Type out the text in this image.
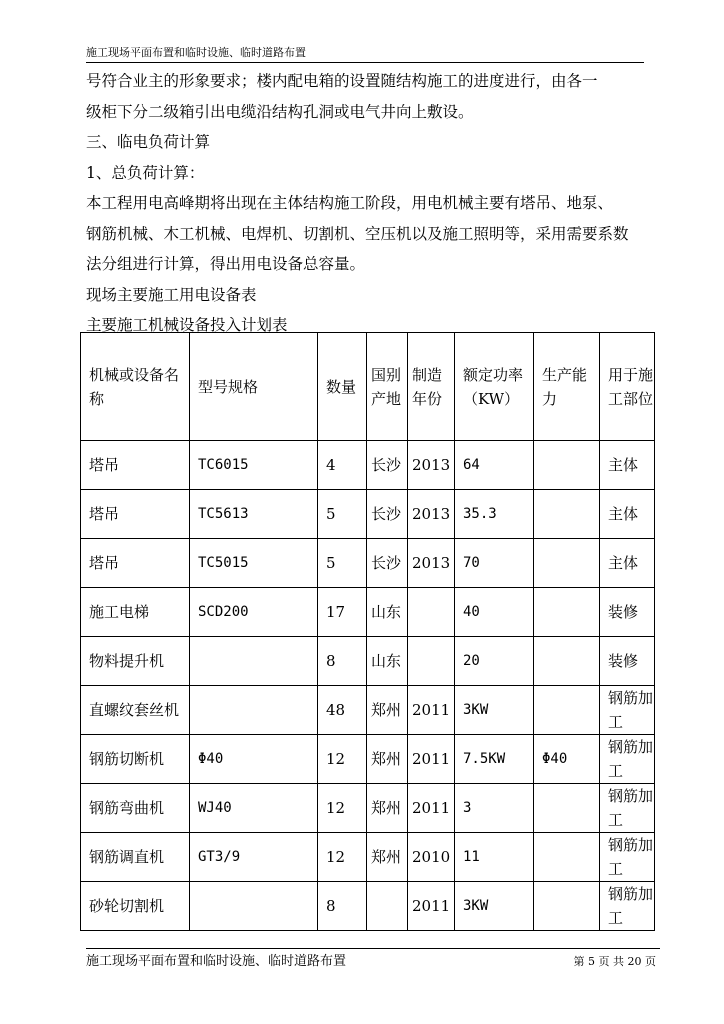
施工现场平面布置和临时设施、临时道路布置
号符合业主的形象要求；楼内配电箱的设置随结构施工的进度进行，由各一
级柜下分二级箱引出电缆沿结构孔洞或电气井向上敷设。
三、临电负荷计算
1、总负荷计算：
本工程用电高峰期将出现在主体结构施工阶段，用电机械主要有塔吊、地泵、
钢筋机械、木工机械、电焊机、切割机、空压机以及施工照明等，采用需要系数
法分组进行计算，得出用电设备总容量。
现场主要施工用电设备表
主要施工机械设备投入计划表
机械或设备名称	型号规格	数量	国别产地	制造年份	额定功率（KW）	生产能力	用于施工部位
塔吊	TC6015	4	长沙	2013	64		主体
塔吊	TC5613	5	长沙	2013	35.3		主体
塔吊	TC5015	5	长沙	2013	70		主体
施工电梯	SCD200	17	山东		40		装修
物料提升机		8	山东		20		装修
直螺纹套丝机		48	郑州	2011	3KW		钢筋加工
钢筋切断机	Φ40	12	郑州	2011	7.5KW	Φ40	钢筋加工
钢筋弯曲机	WJ40	12	郑州	2011	3		钢筋加工
钢筋调直机	GT3/9	12	郑州	2010	11		钢筋加工
砂轮切割机		8		2011	3KW		钢筋加工
施工现场平面布置和临时设施、临时道路布置	第 5 页 共 20 页
